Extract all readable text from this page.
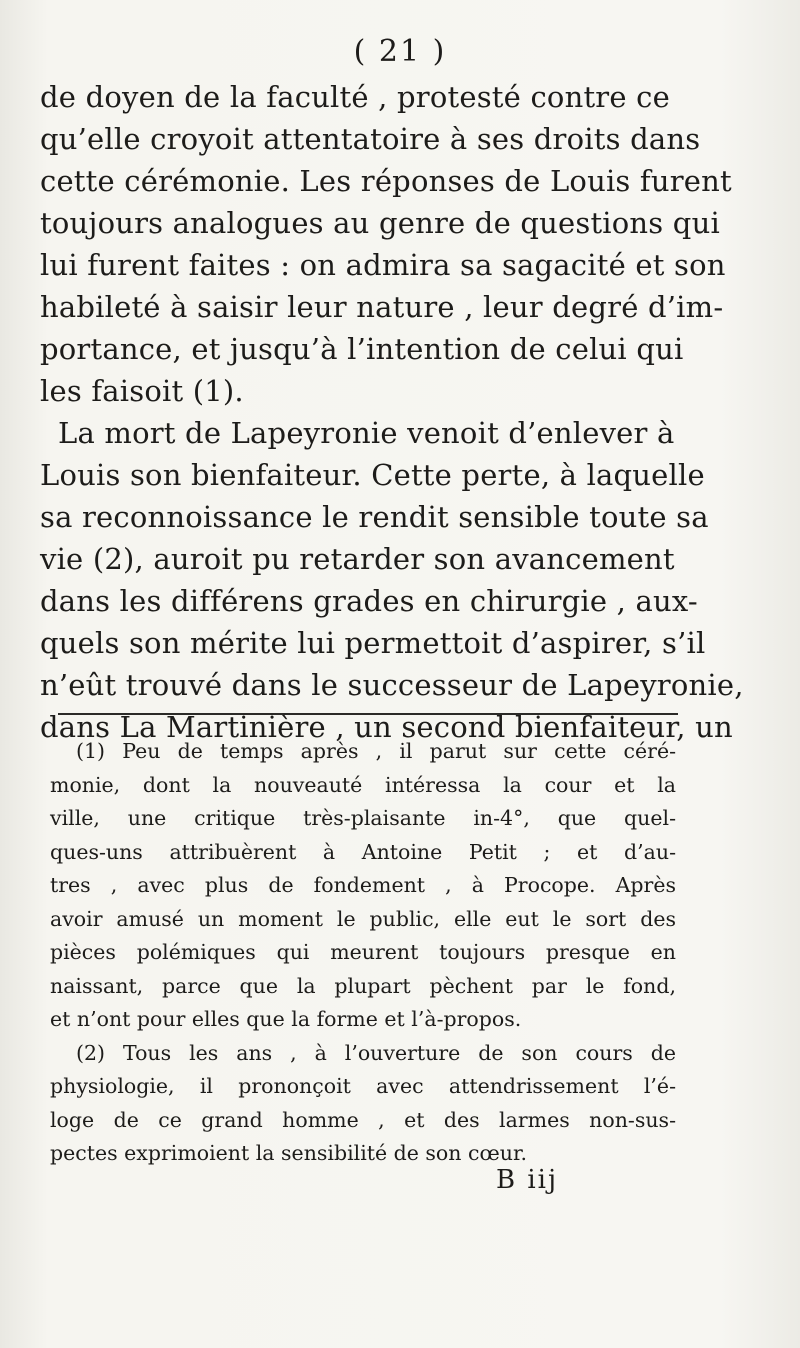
( 21 )
de doyen de la faculté , protesté contre ce
qu’elle croyoit attentatoire à ses droits dans
cette cérémonie. Les réponses de Louis furent
toujours analogues au genre de questions qui
lui furent faites : on admira sa sagacité et son
habileté à saisir leur nature , leur degré d’im-
portance, et jusqu’à l’intention de celui qui
les faisoit (1).
La mort de Lapeyronie venoit d’enlever à
Louis son bienfaiteur. Cette perte, à laquelle
sa reconnoissance le rendit sensible toute sa
vie (2), auroit pu retarder son avancement
dans les différens grades en chirurgie , aux-
quels son mérite lui permettoit d’aspirer, s’il
n’eût trouvé dans le successeur de Lapeyronie,
dans La Martinière , un second bienfaiteur, un
(1) Peu de temps après , il parut sur cette céré-
monie, dont la nouveauté intéressa la cour et la
ville, une critique très-plaisante in-4°, que quel-
ques-uns attribuèrent à Antoine Petit ; et d’au-
tres , avec plus de fondement , à Procope. Après
avoir amusé un moment le public, elle eut le sort des
pièces polémiques qui meurent toujours presque en
naissant, parce que la plupart pèchent par le fond,
et n’ont pour elles que la forme et l’à-propos.
(2) Tous les ans , à l’ouverture de son cours de
physiologie, il prononçoit avec attendrissement l’é-
loge de ce grand homme , et des larmes non-sus-
pectes exprimoient la sensibilité de son cœur.
B iij
